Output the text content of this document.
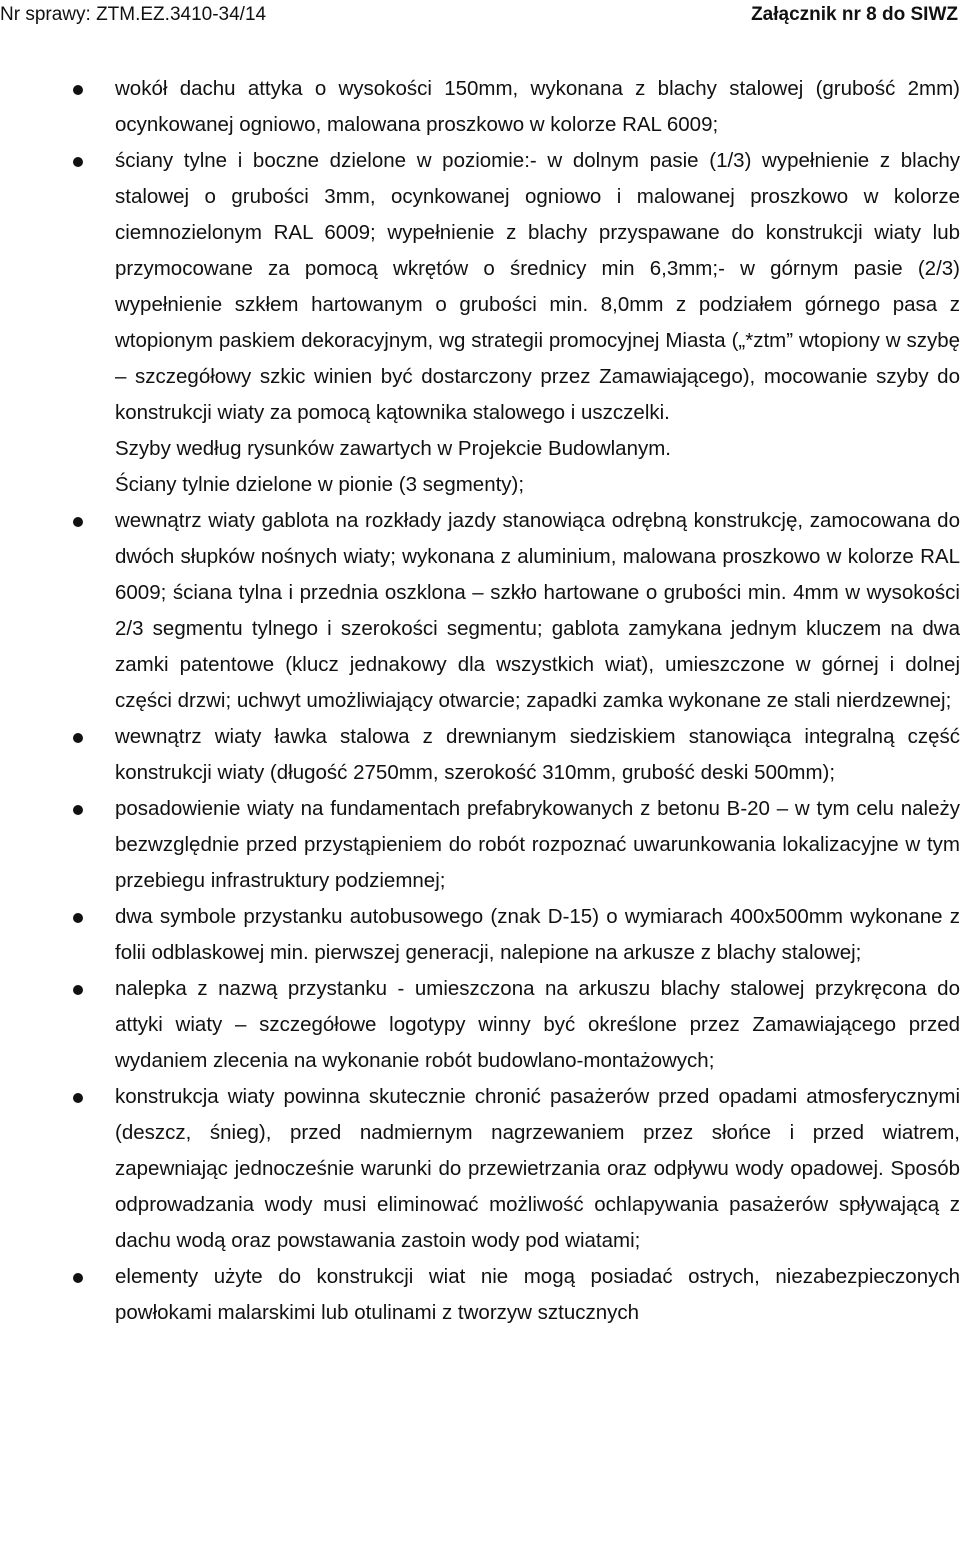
Nr sprawy: ZTM.EZ.3410-34/14	Załącznik nr 8 do SIWZ
wokół dachu attyka o wysokości 150mm, wykonana z blachy stalowej (grubość 2mm) ocynkowanej ogniowo, malowana proszkowo w kolorze RAL 6009;
ściany tylne i boczne dzielone w poziomie:- w dolnym pasie (1/3) wypełnienie z blachy stalowej o grubości 3mm, ocynkowanej ogniowo i malowanej proszkowo w kolorze ciemnozielonym RAL 6009; wypełnienie z blachy przyspawane do konstrukcji wiaty lub przymocowane za pomocą wkrętów o średnicy min 6,3mm;- w górnym pasie (2/3) wypełnienie szkłem hartowanym o grubości min. 8,0mm z podziałem górnego pasa z wtopionym paskiem dekoracyjnym, wg strategii promocyjnej Miasta („*ztm” wtopiony w szybę – szczegółowy szkic winien być dostarczony przez Zamawiającego), mocowanie szyby do konstrukcji wiaty za pomocą kątownika stalowego i uszczelki.
Szyby według rysunków zawartych w Projekcie Budowlanym.
Ściany tylnie dzielone w pionie (3 segmenty);
wewnątrz wiaty gablota na rozkłady jazdy stanowiąca odrębną konstrukcję, zamocowana do dwóch słupków nośnych wiaty; wykonana z aluminium, malowana proszkowo w kolorze RAL 6009; ściana tylna i przednia oszklona – szkło hartowane o grubości min. 4mm w wysokości 2/3 segmentu tylnego i szerokości segmentu; gablota zamykana jednym kluczem na dwa zamki patentowe (klucz jednakowy dla wszystkich wiat), umieszczone w górnej i dolnej części drzwi; uchwyt umożliwiający otwarcie; zapadki zamka wykonane ze stali nierdzewnej;
wewnątrz wiaty ławka stalowa z drewnianym siedziskiem stanowiąca integralną część konstrukcji wiaty (długość 2750mm, szerokość 310mm, grubość deski 500mm);
posadowienie wiaty na fundamentach prefabrykowanych z betonu B-20 – w tym celu należy bezwzględnie przed przystąpieniem do robót rozpoznać uwarunkowania lokalizacyjne w tym przebiegu infrastruktury podziemnej;
dwa symbole przystanku autobusowego (znak D-15) o wymiarach 400x500mm wykonane z folii odblaskowej min. pierwszej generacji, nalepione na arkusze z blachy stalowej;
nalepka z nazwą przystanku - umieszczona na arkuszu blachy stalowej przykręcona do attyki wiaty – szczegółowe logotypy winny być określone przez Zamawiającego przed wydaniem zlecenia na wykonanie robót budowlano-montażowych;
konstrukcja wiaty powinna skutecznie chronić pasażerów przed opadami atmosferycznymi (deszcz, śnieg), przed nadmiernym nagrzewaniem przez słońce i przed wiatrem, zapewniając jednocześnie warunki do przewietrzania oraz odpływu wody opadowej. Sposób odprowadzania wody musi eliminować możliwość ochlapywania pasażerów spływającą z dachu wodą oraz powstawania zastoin wody pod wiatami;
elementy użyte do konstrukcji wiat nie mogą posiadać ostrych, niezabezpieczonych powłokami malarskimi lub otulinami z tworzyw sztucznych
